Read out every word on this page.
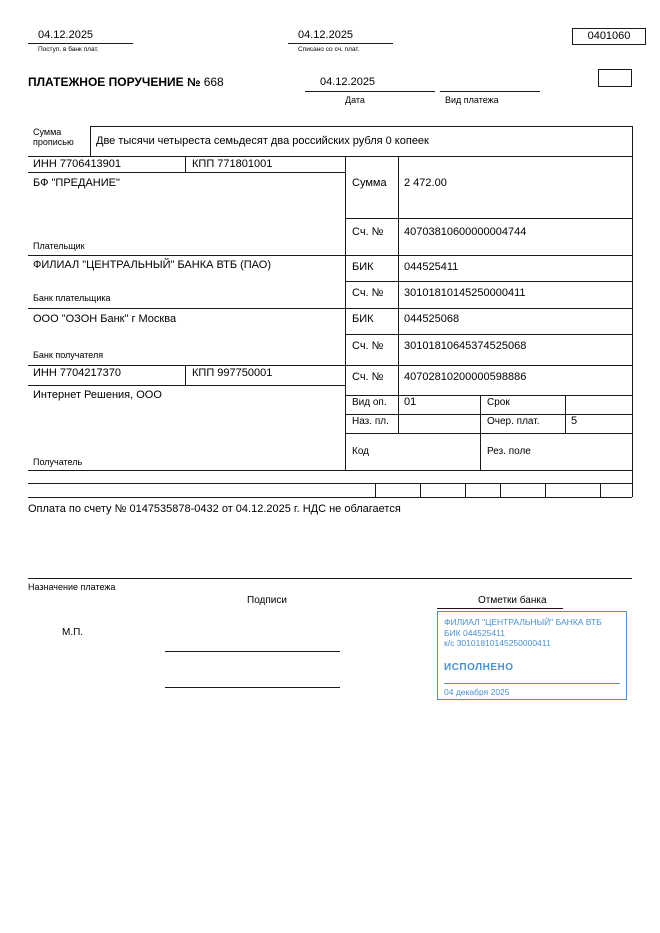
04.12.2025
Поступ. в банк плат.
04.12.2025
Списано со сч. плат.
0401060
ПЛАТЕЖНОЕ ПОРУЧЕНИЕ № 668	04.12.2025
Дата	Вид платежа
Сумма прописью	Две тысячи четыреста семьдесят два российских рубля 0 копеек
ИНН 7706413901	КПП 771801001
БФ "ПРЕДАНИЕ"
Плательщик
ФИЛИАЛ "ЦЕНТРАЛЬНЫЙ" БАНКА ВТБ (ПАО)
Банк плательщика
ООО "ОЗОН Банк" г Москва
Банк получателя
ИНН 7704217370	КПП 997750001
Интернет Решения, ООО
Получатель
Сумма 2 472.00
Сч. № 40703810600000004744
БИК	044525411
Сч. № 30101810145250000411
БИК	044525068
Сч. № 30101810645374525068
Сч. № 40702810200000598886
Вид оп. 01	Срок
Наз. пл.	Очер. плат.	5
Код	Рез. поле
Оплата по счету № 0147535878-0432 от 04.12.2025 г. НДС не облагается
Назначение платежа
Подписи	Отметки банка
М.П.
ФИЛИАЛ "ЦЕНТРАЛЬНЫЙ" БАНКА ВТБ
БИК 044525411
к/с 30101810145250000411
ИСПОЛНЕНО
04 декабря 2025
